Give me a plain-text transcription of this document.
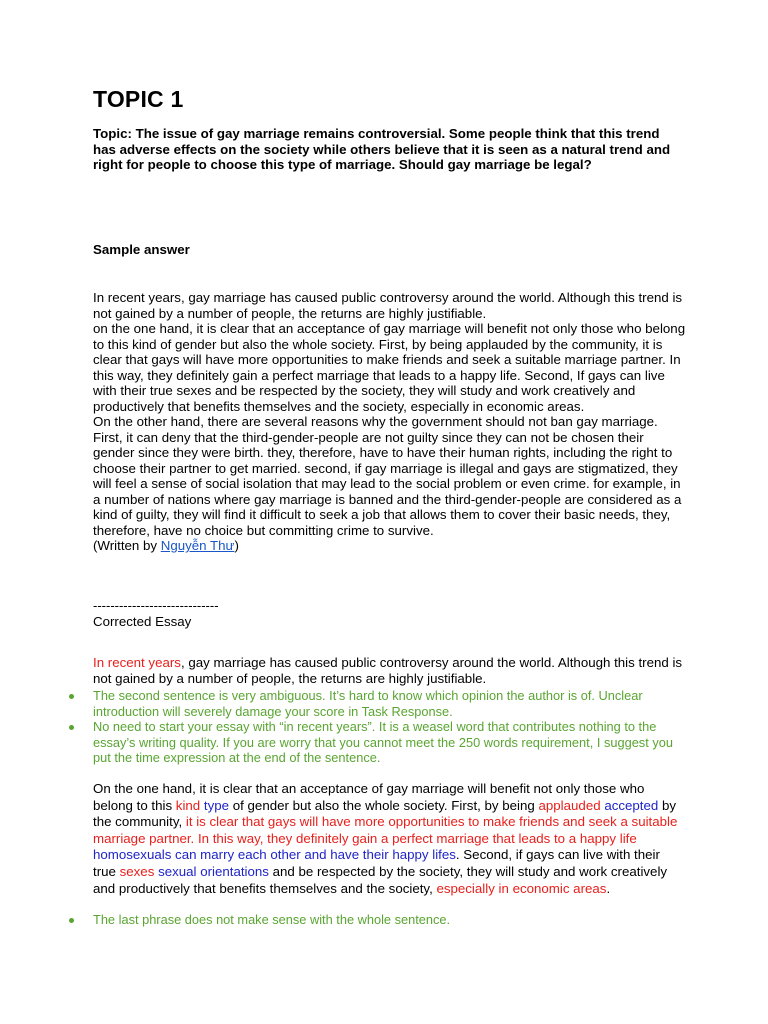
TOPIC 1
Topic: The issue of gay marriage remains controversial. Some people think that this trend has adverse effects on the society while others believe that it is seen as a natural trend and right for people to choose this type of marriage. Should gay marriage be legal?
Sample answer

In recent years, gay marriage has caused public controversy around the world. Although this trend is not gained by a number of people, the returns are highly justifiable.

on the one hand, it is clear that an acceptance of gay marriage will benefit not only those who belong to this kind of gender but also the whole society. First, by being applauded by the community, it is clear that gays will have more opportunities to make friends and seek a suitable marriage partner. In this way, they definitely gain a perfect marriage that leads to a happy life. Second, If gays can live with their true sexes and be respected by the society, they will study and work creatively and productively that benefits themselves and the society, especially in economic areas.

On the other hand, there are several reasons why the government should not ban gay marriage. First, it can deny that the third-gender-people are not guilty since they can not be chosen their gender since they were birth. they, therefore, have to have their human rights, including the right to choose their partner to get married. second, if gay marriage is illegal and gays are stigmatized, they will feel a sense of social isolation that may lead to the social problem or even crime. for example, in a number of nations where gay marriage is banned and the third-gender-people are considered as a kind of guilty, they will find it difficult to seek a job that allows them to cover their basic needs, they, therefore, have no choice but committing crime to survive.

(Written by Nguyễn Thư)

-----------------------------
Corrected Essay
In recent years, gay marriage has caused public controversy around the world. Although this trend is not gained by a number of people, the returns are highly justifiable.
The second sentence is very ambiguous. It’s hard to know which opinion the author is of. Unclear introduction will severely damage your score in Task Response.
No need to start your essay with “in recent years”. It is a weasel word that contributes nothing to the essay’s writing quality. If you are worry that you cannot meet the 250 words requirement, I suggest you put the time expression at the end of the sentence.
On the one hand, it is clear that an acceptance of gay marriage will benefit not only those who belong to this kind type of gender but also the whole society. First, by being applauded accepted by the community, it is clear that gays will have more opportunities to make friends and seek a suitable marriage partner. In this way, they definitely gain a perfect marriage that leads to a happy life homosexuals can marry each other and have their happy lifes. Second, if gays can live with their true sexes sexual orientations and be respected by the society, they will study and work creatively and productively that benefits themselves and the society, especially in economic areas.
The last phrase does not make sense with the whole sentence.
